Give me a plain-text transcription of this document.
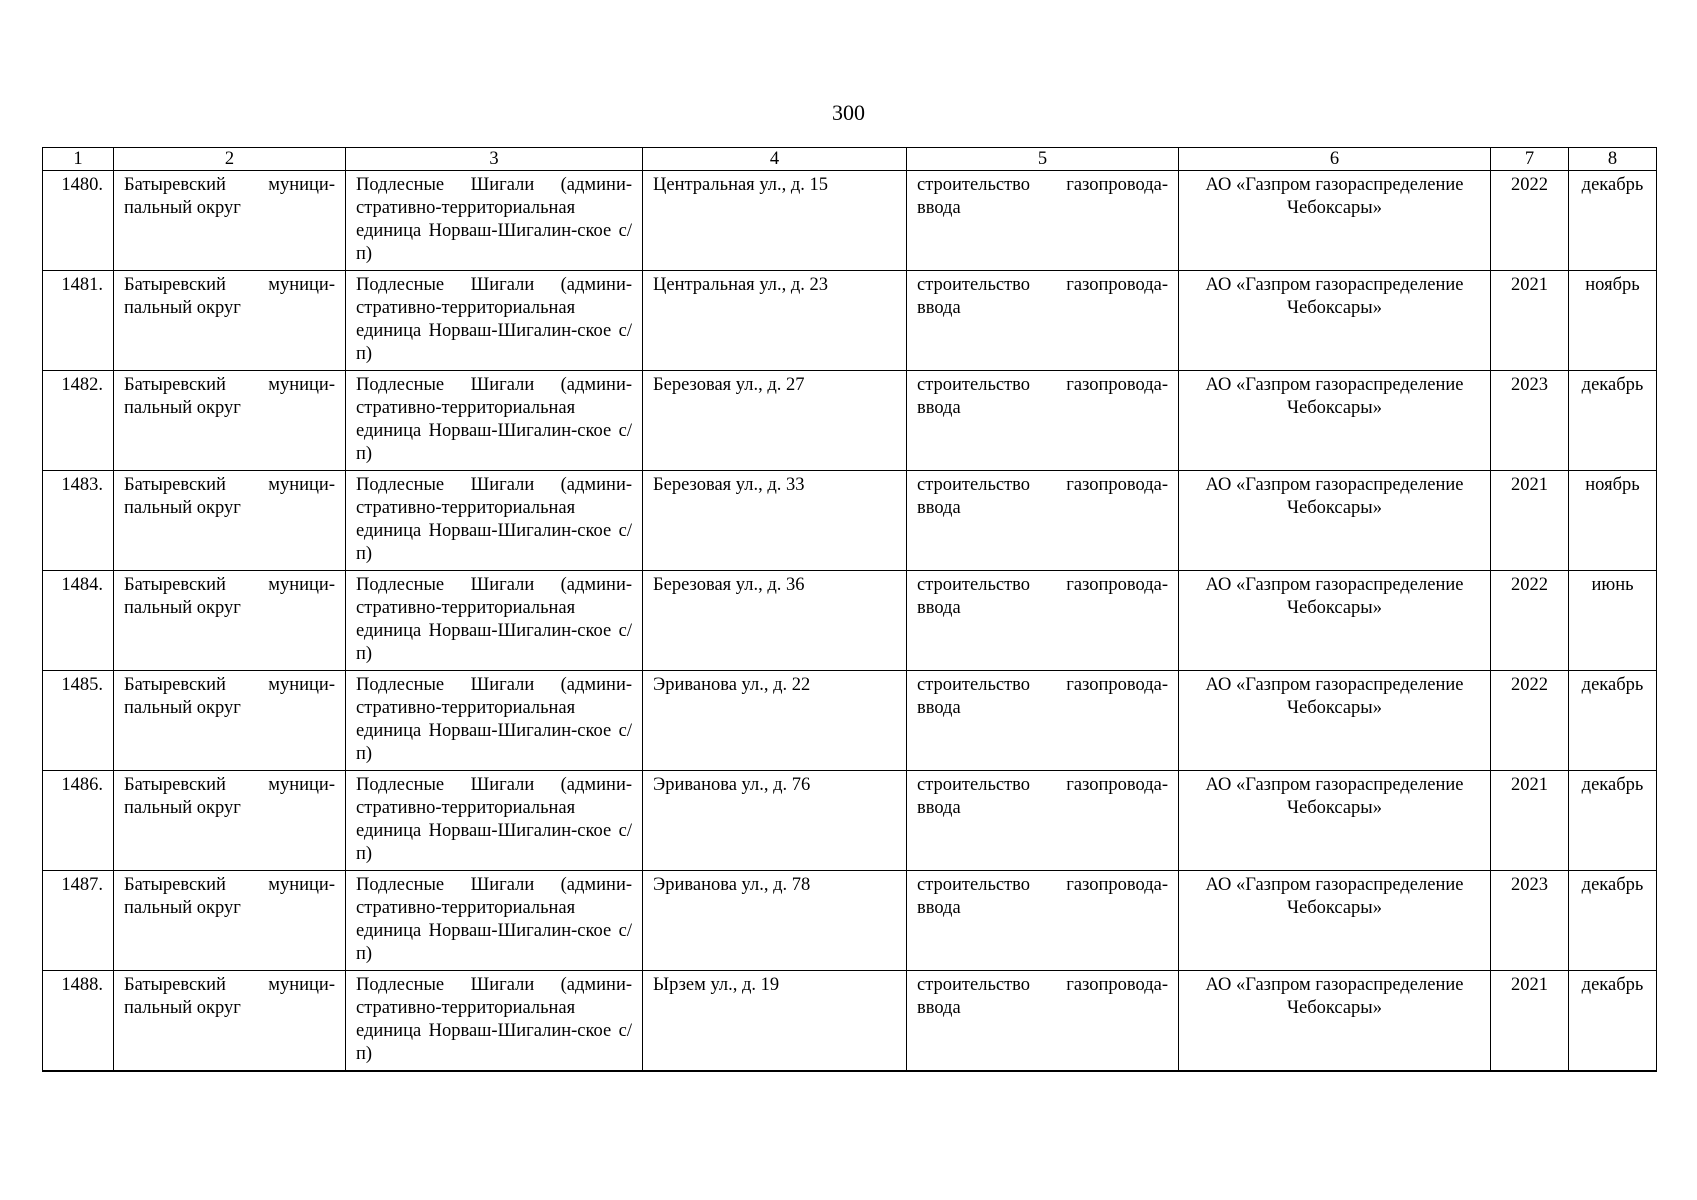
300
1	2	3	4	5	6	7	8
1480.	Батыревский муници-пальный округ	Подлесные Шигали (админи-стративно-территориальная единица Норваш-Шигалин-ское с/п)	Центральная ул., д. 15	строительство газопровода-ввода	АО «Газпром газораспределение Чебоксары»	2022	декабрь
1481.	Батыревский муници-пальный округ	Подлесные Шигали (админи-стративно-территориальная единица Норваш-Шигалин-ское с/п)	Центральная ул., д. 23	строительство газопровода-ввода	АО «Газпром газораспределение Чебоксары»	2021	ноябрь
1482.	Батыревский муници-пальный округ	Подлесные Шигали (админи-стративно-территориальная единица Норваш-Шигалин-ское с/п)	Березовая ул., д. 27	строительство газопровода-ввода	АО «Газпром газораспределение Чебоксары»	2023	декабрь
1483.	Батыревский муници-пальный округ	Подлесные Шигали (админи-стративно-территориальная единица Норваш-Шигалин-ское с/п)	Березовая ул., д. 33	строительство газопровода-ввода	АО «Газпром газораспределение Чебоксары»	2021	ноябрь
1484.	Батыревский муници-пальный округ	Подлесные Шигали (админи-стративно-территориальная единица Норваш-Шигалин-ское с/п)	Березовая ул., д. 36	строительство газопровода-ввода	АО «Газпром газораспределение Чебоксары»	2022	июнь
1485.	Батыревский муници-пальный округ	Подлесные Шигали (админи-стративно-территориальная единица Норваш-Шигалин-ское с/п)	Эриванова ул., д. 22	строительство газопровода-ввода	АО «Газпром газораспределение Чебоксары»	2022	декабрь
1486.	Батыревский муници-пальный округ	Подлесные Шигали (админи-стративно-территориальная единица Норваш-Шигалин-ское с/п)	Эриванова ул., д. 76	строительство газопровода-ввода	АО «Газпром газораспределение Чебоксары»	2021	декабрь
1487.	Батыревский муници-пальный округ	Подлесные Шигали (админи-стративно-территориальная единица Норваш-Шигалин-ское с/п)	Эриванова ул., д. 78	строительство газопровода-ввода	АО «Газпром газораспределение Чебоксары»	2023	декабрь
1488.	Батыревский муници-пальный округ	Подлесные Шигали (админи-стративно-территориальная единица Норваш-Шигалин-ское с/п)	Ырзем ул., д. 19	строительство газопровода-ввода	АО «Газпром газораспределение Чебоксары»	2021	декабрь
